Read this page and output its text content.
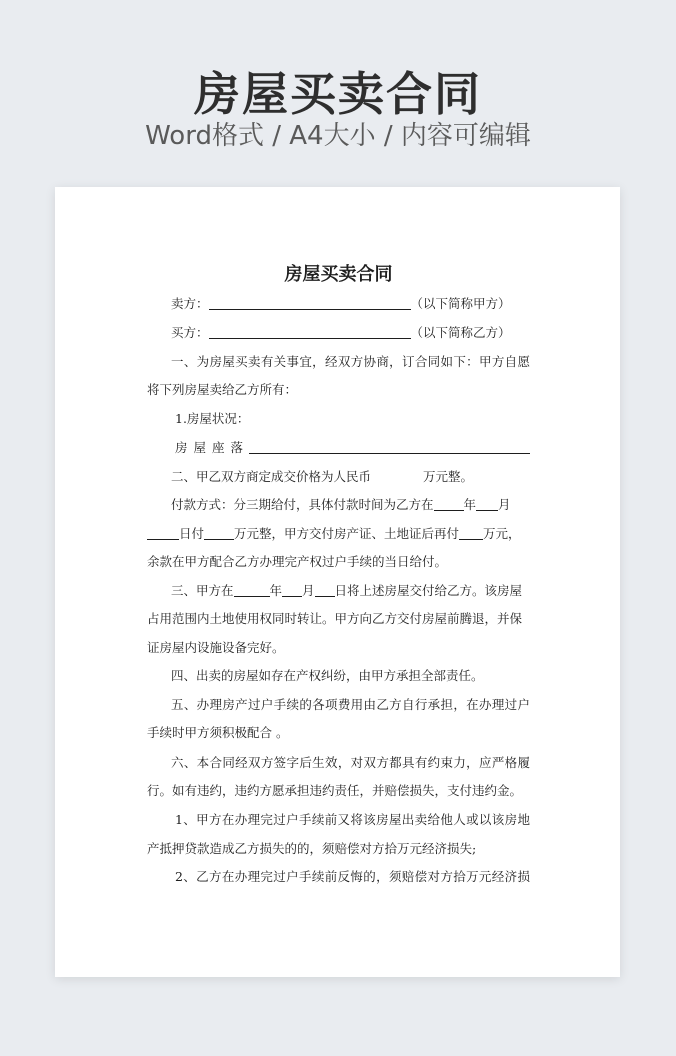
房屋买卖合同
Word格式 / A4大小 / 内容可编辑
房屋买卖合同
卖方：	（以下简称甲方）
买方：	（以下简称乙方）
一、为房屋买卖有关事宜，经双方协商，订合同如下：甲方自愿
将下列房屋卖给乙方所有：
1.房屋状况：
房屋座落
二、甲乙双方商定成交价格为人民币	万元整。
付款方式：分三期给付，具体付款时间为乙方在 年 月
日付 万元整，甲方交付房产证、土地证后再付 万元，
余款在甲方配合乙方办理完产权过户手续的当日给付。
三、甲方在	年 月 日将上述房屋交付给乙方。该房屋
占用范围内土地使用权同时转让。甲方向乙方交付房屋前腾退，并保
证房屋内设施设备完好。
四、出卖的房屋如存在产权纠纷，由甲方承担全部责任。
五、办理房产过户手续的各项费用由乙方自行承担，在办理过户
手续时甲方须积极配合 。
六、本合同经双方签字后生效，对双方都具有约束力，应严格履
行。如有违约，违约方愿承担违约责任，并赔偿损失，支付违约金。
1、甲方在办理完过户手续前又将该房屋出卖给他人或以该房地
产抵押贷款造成乙方损失的的，须赔偿对方拾万元经济损失;
2、乙方在办理完过户手续前反悔的，须赔偿对方拾万元经济损
